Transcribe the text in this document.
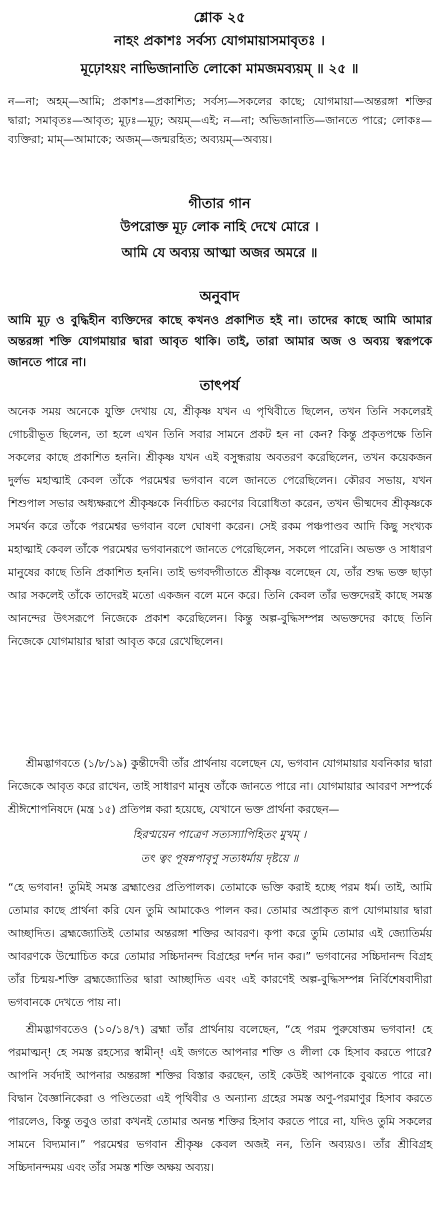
শ্লোক ২৫
নাহং প্রকাশঃ সর্বস্য যোগমায়াসমাবৃতঃ ।
মূঢ়োঽয়ং নাভিজানাতি লোকো মামজমব্যয়ম্ ॥ ২৫ ॥
ন—না; অহম্—আমি; প্রকাশঃ—প্রকাশিত; সর্বস্য—সকলের কাছে; যোগমায়া—অন্তরঙ্গা শক্তির দ্বারা; সমাবৃতঃ—আবৃত; মূঢ়ঃ—মূঢ়; অয়ম্—এই; ন—না; অভিজানাতি—জানতে পারে; লোকঃ—ব্যক্তিরা; মাম্—আমাকে; অজম্—জন্মরহিত; অব্যয়ম্—অব্যয়।
গীতার গান
উপরোক্ত মূঢ় লোক নাহি দেখে মোরে ।
আমি যে অব্যয় আত্মা অজর অমরে ॥
অনুবাদ
আমি মূঢ় ও বুদ্ধিহীন ব্যক্তিদের কাছে কখনও প্রকাশিত হই না। তাদের কাছে আমি আমার অন্তরঙ্গা শক্তি যোগমায়ার দ্বারা আবৃত থাকি। তাই, তারা আমার অজ ও অব্যয় স্বরূপকে জানতে পারে না।
তাৎপর্য
অনেক সময় অনেকে যুক্তি দেখায় যে, শ্রীকৃষ্ণ যখন এ পৃথিবীতে ছিলেন, তখন তিনি সকলেরই গোচরীভূত ছিলেন, তা হলে এখন তিনি সবার সামনে প্রকট হন না কেন? কিন্তু প্রকৃতপক্ষে তিনি সকলের কাছে প্রকাশিত হননি। শ্রীকৃষ্ণ যখন এই বসুন্ধরায় অবতরণ করেছিলেন, তখন কয়েকজন দুর্লভ মহাত্মাই কেবল তাঁকে পরমেশ্বর ভগবান বলে জানতে পেরেছিলেন। কৌরব সভায়, যখন শিশুপাল সভার অধ্যক্ষরূপে শ্রীকৃষ্ণকে নির্বাচিত করণের বিরোধিতা করেন, তখন ভীষ্মদেব শ্রীকৃষ্ণকে সমর্থন করে তাঁকে পরমেশ্বর ভগবান বলে ঘোষণা করেন। সেই রকম পঞ্চপাণ্ডব আদি কিছু সংখ্যক মহাত্মাই কেবল তাঁকে পরমেশ্বর ভগবানরূপে জানতে পেরেছিলেন, সকলে পারেনি। অভক্ত ও সাধারণ মানুষের কাছে তিনি প্রকাশিত হননি। তাই ভগবদ্গীতাতে শ্রীকৃষ্ণ বলেছেন যে, তাঁর শুদ্ধ ভক্ত ছাড়া আর সকলেই তাঁকে তাদেরই মতো একজন বলে মনে করে। তিনি কেবল তাঁর ভক্তদেরই কাছে সমস্ত আনন্দের উৎসরূপে নিজেকে প্রকাশ করেছিলেন। কিন্তু অল্প-বুদ্ধিসম্পন্ন অভক্তদের কাছে তিনি নিজেকে যোগমায়ার দ্বারা আবৃত করে রেখেছিলেন।
শ্রীমদ্ভাগবতে (১/৮/১৯) কুন্তীদেবী তাঁর প্রার্থনায় বলেছেন যে, ভগবান যোগমায়ার যবনিকার দ্বারা নিজেকে আবৃত করে রাখেন, তাই সাধারণ মানুষ তাঁকে জানতে পারে না। যোগমায়ার আবরণ সম্পর্কে শ্রীঈশোপনিষদে (মন্ত্র ১৫) প্রতিপন্ন করা হয়েছে, যেখানে ভক্ত প্রার্থনা করছেন—
হিরণ্ময়েন পাত্রেণ সত্যস্যাপিহিতং মুখম্ ।
তৎ ত্বং পূষন্নপাবৃণু সত্যধর্মায় দৃষ্টয়ে ॥
“হে ভগবান! তুমিই সমস্ত ব্রহ্মাণ্ডের প্রতিপালক। তোমাকে ভক্তি করাই হচ্ছে পরম ধর্ম। তাই, আমি তোমার কাছে প্রার্থনা করি যেন তুমি আমাকেও পালন কর। তোমার অপ্রাকৃত রূপ যোগমায়ার দ্বারা আচ্ছাদিত। ব্রহ্মজ্যোতিই তোমার অন্তরঙ্গা শক্তির আবরণ। কৃপা করে তুমি তোমার এই জ্যোতির্ময় আবরণকে উন্মোচিত করে তোমার সচ্চিদানন্দ বিগ্রহের দর্শন দান কর।” ভগবানের সচ্চিদানন্দ বিগ্রহ তাঁর চিন্ময়-শক্তি ব্রহ্মজ্যোতির দ্বারা আচ্ছাদিত এবং এই কারণেই অল্প-বুদ্ধিসম্পন্ন নির্বিশেষবাদীরা ভগবানকে দেখতে পায় না।
শ্রীমদ্ভাগবতেও (১০/১৪/৭) ব্রহ্মা তাঁর প্রার্থনায় বলেছেন, “হে পরম পুরুষোত্তম ভগবান! হে পরমাত্মন্! হে সমস্ত রহস্যের স্বামীন্! এই জগতে আপনার শক্তি ও লীলা কে হিসাব করতে পারে? আপনি সর্বদাই আপনার অন্তরঙ্গা শক্তির বিস্তার করছেন, তাই কেউই আপনাকে বুঝতে পারে না। বিদ্বান বৈজ্ঞানিকেরা ও পণ্ডিতেরা এই পৃথিবীর ও অন্যান্য গ্রহের সমস্ত অণু-পরমাণুর হিসাব করতে পারলেও, কিন্তু তবুও তারা কখনই তোমার অনন্ত শক্তির হিসাব করতে পারে না, যদিও তুমি সকলের সামনে বিদ্যমান।” পরমেশ্বর ভগবান শ্রীকৃষ্ণ কেবল অজই নন, তিনি অব্যয়ও। তাঁর শ্রীবিগ্রহ সচ্চিদানন্দময় এবং তাঁর সমস্ত শক্তি অক্ষয় অব্যয়।
